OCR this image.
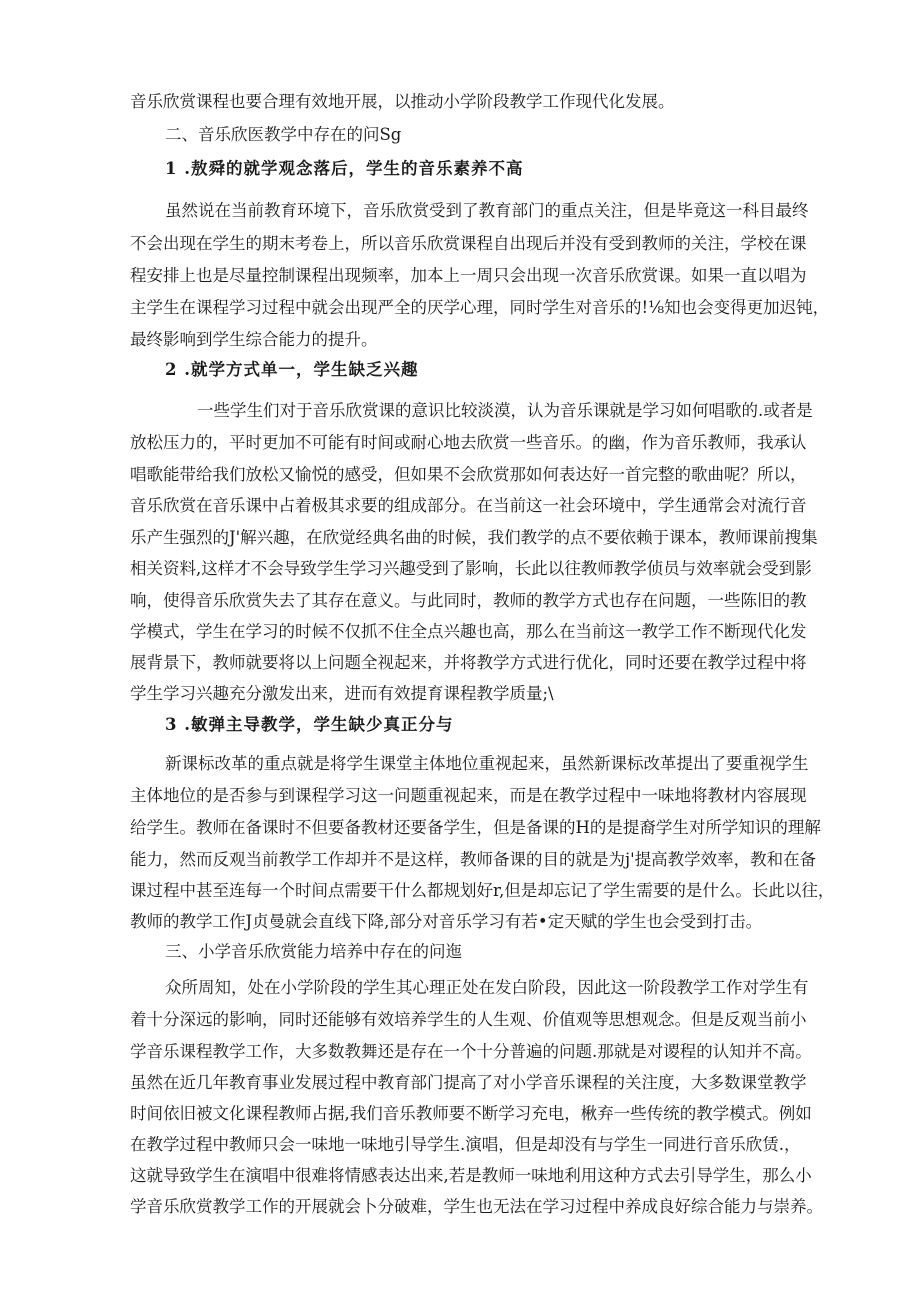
音乐欣赏课程也要合理有效地开展，以推动小学阶段教学工作现代化发展。
二、音乐欣医教学中存在的问Sg
1 .敖舜的就学观念落后，学生的音乐素养不高
虽然说在当前教育环境下，音乐欣赏受到了教育部门的重点关注，但是毕竟这一科目最终
不会出现在学生的期末考卷上，所以音乐欣赏课程自出现后并没有受到教师的关注，学校在课
程安排上也是尽量控制课程出现频率，加本上一周只会出现一次音乐欣赏课。如果一直以唱为
主学生在课程学习过程中就会出现严全的厌学心理，同时学生对音乐的!⅛知也会变得更加迟钝，
最终影响到学生综合能力的提升。
2 .就学方式单一，学生缺乏兴趣
一些学生们对于音乐欣赏课的意识比较淡漠，认为音乐课就是学习如何唱歌的.或者是
放松压力的，平时更加不可能有时间或耐心地去欣赏一些音乐。的幽，作为音乐教师，我承认
唱歌能带给我们放松又愉悦的感受，但如果不会欣赏那如何表达好一首完整的歌曲呢？所以，
音乐欣赏在音乐课中占着极其求要的组成部分。在当前这一社会环境中，学生通常会对流行音
乐产生强烈的J'解兴趣，在欣觉经典名曲的时候，我们教学的点不要依赖于课本，教师课前搜集
相关资料,这样才不会导致学生学习兴趣受到了影响，长此以往教师教学侦员与效率就会受到影
响，使得音乐欣赏失去了其存在意义。与此同时，教师的教学方式也存在问题，一些陈旧的教
学模式，学生在学习的时候不仅抓不住全点兴趣也高，那么在当前这一教学工作不断现代化发
展背景下，教师就要将以上问题全视起来，并将教学方式进行优化，同时还要在教学过程中将
学生学习兴趣充分激发出来，进而有效提育课程教学质量;\
3 .敏弹主导教学，学生缺少真正分与
新课标改革的重点就是将学生课堂主体地位重视起来，虽然新课标改革提出了要重视学生
主体地位的是否参与到课程学习这一问题重视起来，而是在教学过程中一味地将教材内容展现
给学生。教师在备课时不但要备教材还要备学生，但是备课的H的是提裔学生对所学知识的理解
能力，然而反观当前教学工作却并不是这样，教师备课的目的就是为j'提高教学效率，教和在备
课过程中甚至连每一个时间点需要干什么都规划好r,但是却忘记了学生需要的是什么。长此以往，
教师的教学工作J贞曼就会直线下降,部分对音乐学习有若•定天赋的学生也会受到打击。
三、小学音乐欣赏能力培养中存在的问迤
众所周知，处在小学阶段的学生其心理正处在发白阶段，因此这一阶段教学工作对学生有
着十分深远的影响，同时还能够有效培养学生的人生观、价值观等思想观念。但是反观当前小
学音乐课程教学工作，大多数教舞还是存在一个十分普遍的问题.那就是对谡程的认知并不高。
虽然在近几年教育事业发展过程中教育部门提高了对小学音乐课程的关注度，大多数课堂教学
时间依旧被文化课程教师占据,我们音乐教师要不断学习充电，楸弃一些传统的教学模式。例如
在教学过程中教师只会一味地一味地引导学生.演唱，但是却没有与学生一同进行音乐欣赁.，
这就导致学生在演唱中很难将情感表达出来,若是教师一味地利用这种方式去引导学生，那么小
学音乐欣赏教学工作的开展就会卜分破难，学生也无法在学习过程中养成良好综合能力与崇养。
